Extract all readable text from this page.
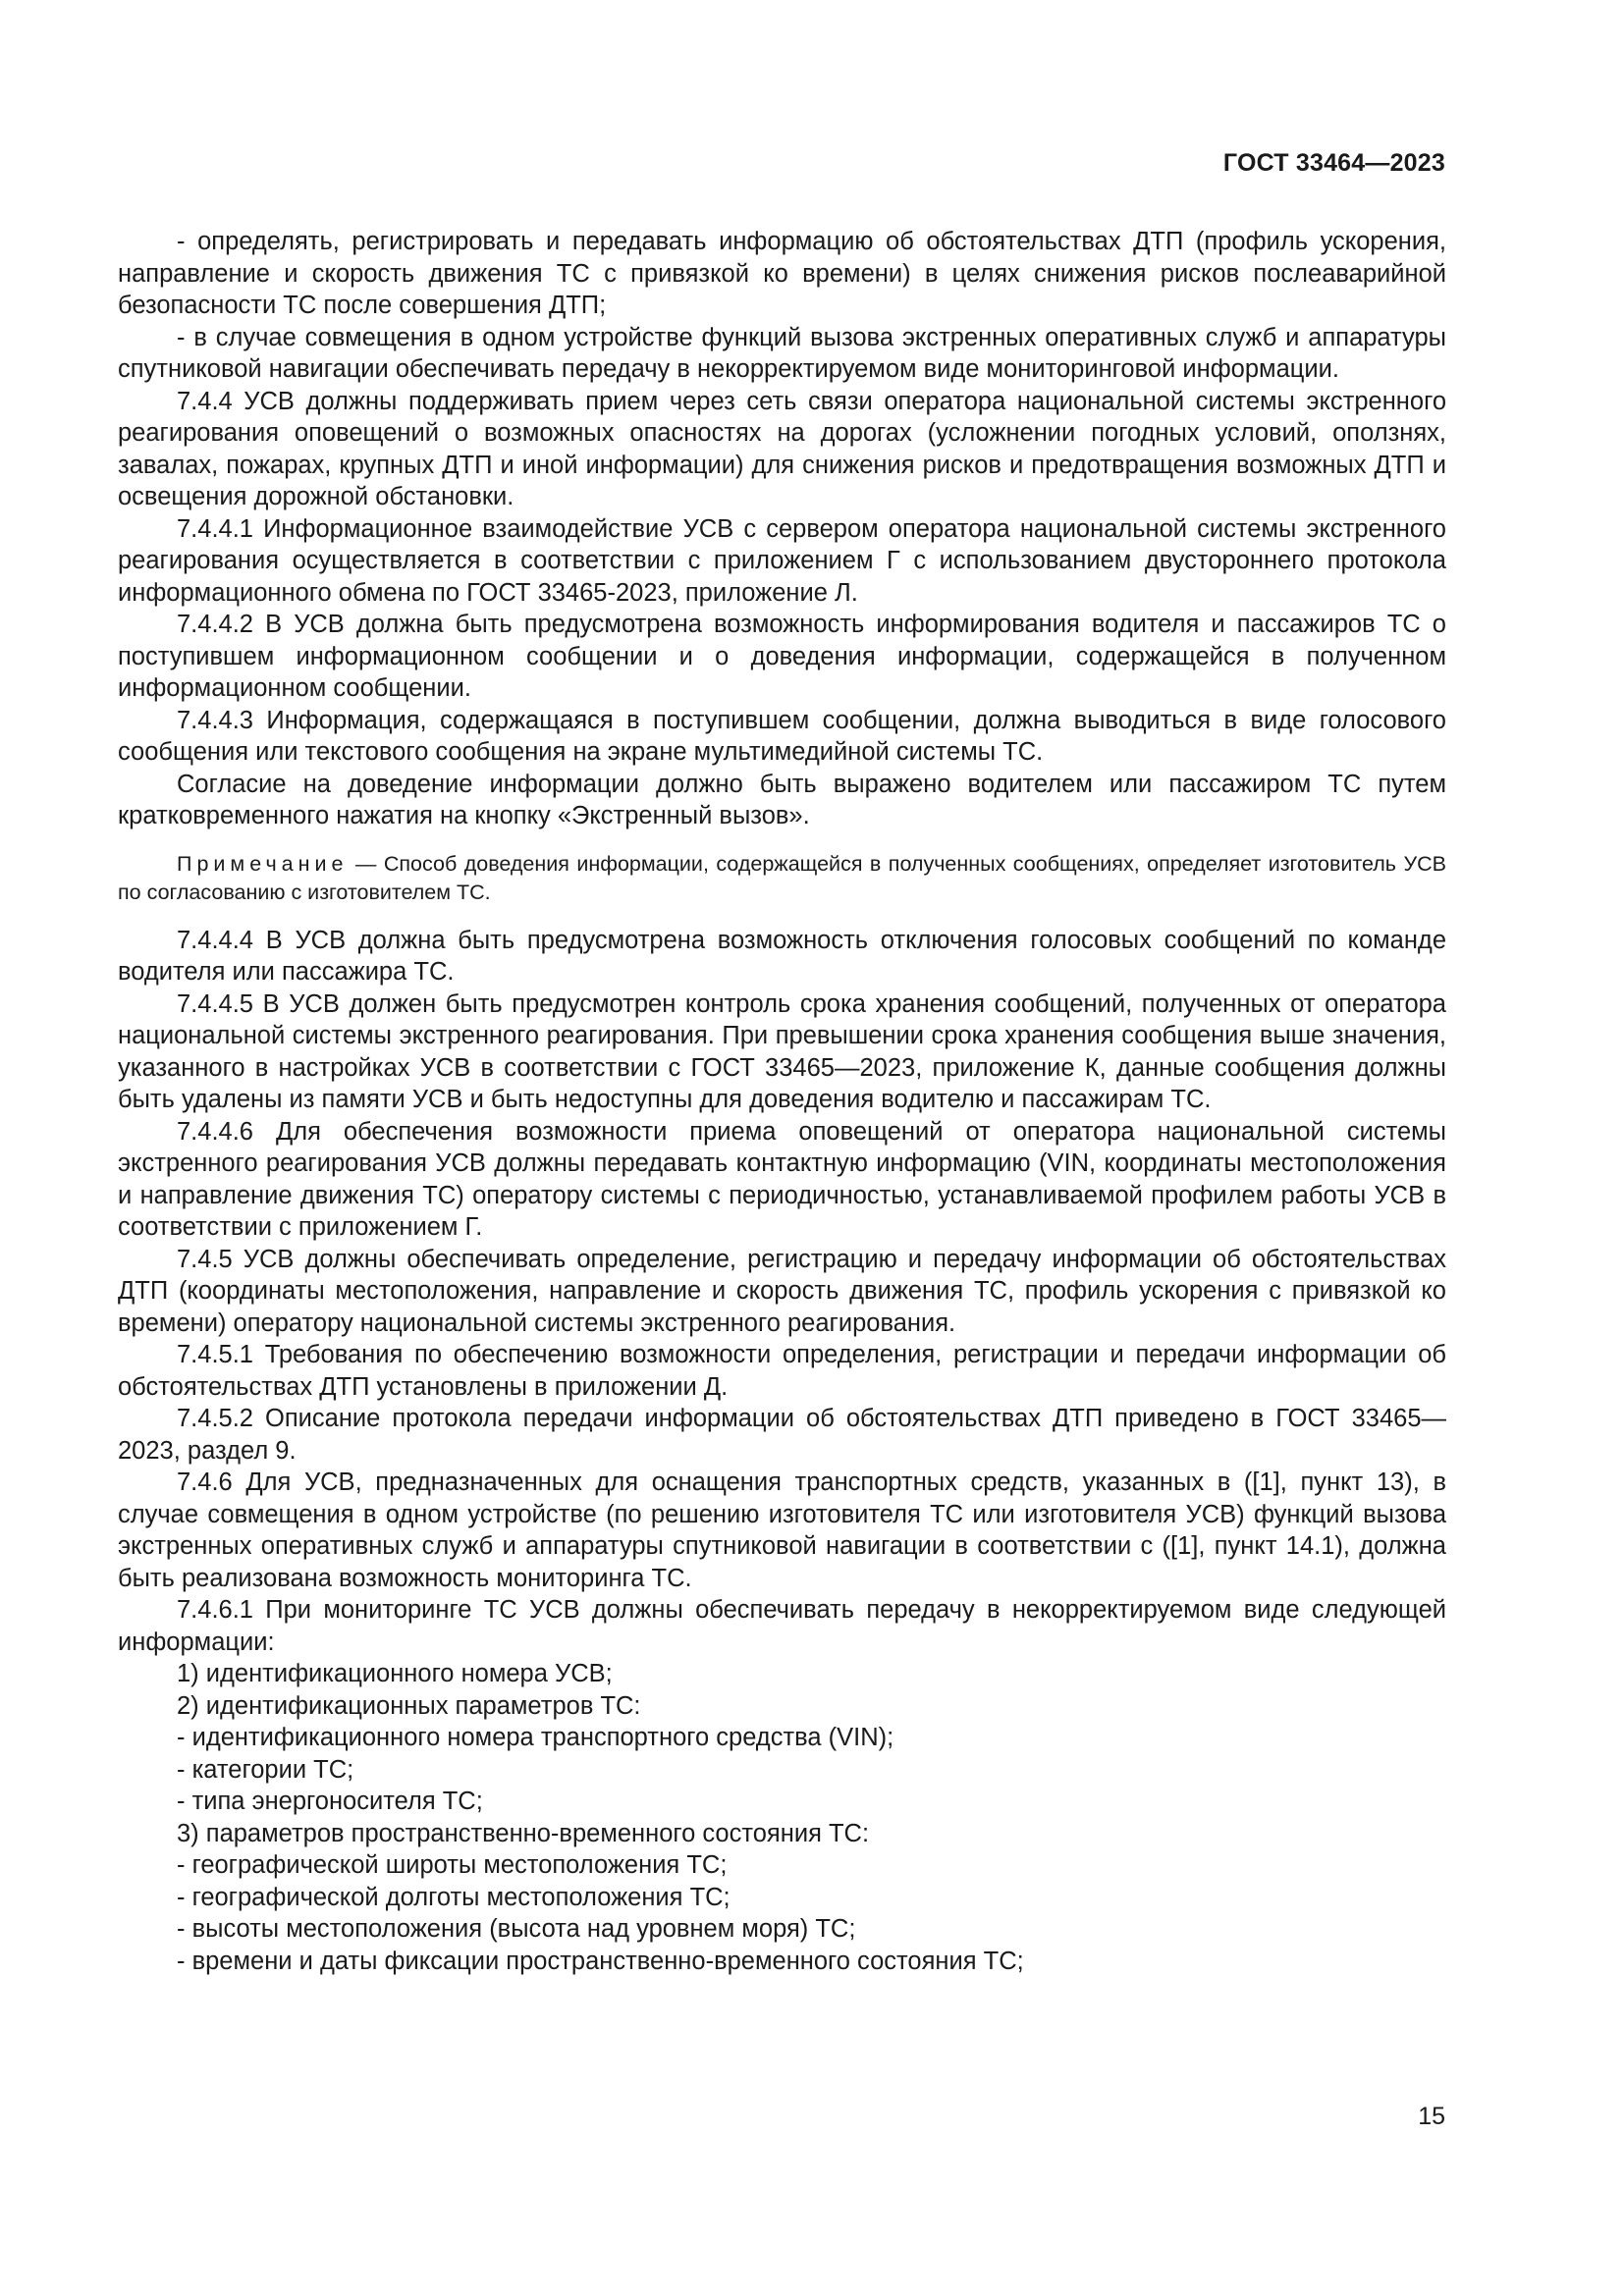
ГОСТ 33464—2023

- определять, регистрировать и передавать информацию об обстоятельствах ДТП (профиль ускорения, направление и скорость движения ТС с привязкой ко времени) в целях снижения рисков послеаварийной безопасности ТС после совершения ДТП;

- в случае совмещения в одном устройстве функций вызова экстренных оперативных служб и аппаратуры спутниковой навигации обеспечивать передачу в некорректируемом виде мониторинговой информации.

7.4.4 УСВ должны поддерживать прием через сеть связи оператора национальной системы экстренного реагирования оповещений о возможных опасностях на дорогах (усложнении погодных условий, оползнях, завалах, пожарах, крупных ДТП и иной информации) для снижения рисков и предотвращения возможных ДТП и освещения дорожной обстановки.

7.4.4.1 Информационное взаимодействие УСВ с сервером оператора национальной системы экстренного реагирования осуществляется в соответствии с приложением Г с использованием двустороннего протокола информационного обмена по ГОСТ 33465-2023, приложение Л.

7.4.4.2 В УСВ должна быть предусмотрена возможность информирования водителя и пассажиров ТС о поступившем информационном сообщении и о доведения информации, содержащейся в полученном информационном сообщении.

7.4.4.3 Информация, содержащаяся в поступившем сообщении, должна выводиться в виде голосового сообщения или текстового сообщения на экране мультимедийной системы ТС.

Согласие на доведение информации должно быть выражено водителем или пассажиром ТС путем кратковременного нажатия на кнопку «Экстренный вызов».

Примечание — Способ доведения информации, содержащейся в полученных сообщениях, определяет изготовитель УСВ по согласованию с изготовителем ТС.

7.4.4.4 В УСВ должна быть предусмотрена возможность отключения голосовых сообщений по команде водителя или пассажира ТС.

7.4.4.5 В УСВ должен быть предусмотрен контроль срока хранения сообщений, полученных от оператора национальной системы экстренного реагирования. При превышении срока хранения сообщения выше значения, указанного в настройках УСВ в соответствии с ГОСТ 33465—2023, приложение К, данные сообщения должны быть удалены из памяти УСВ и быть недоступны для доведения водителю и пассажирам ТС.

7.4.4.6 Для обеспечения возможности приема оповещений от оператора национальной системы экстренного реагирования УСВ должны передавать контактную информацию (VIN, координаты местоположения и направление движения ТС) оператору системы с периодичностью, устанавливаемой профилем работы УСВ в соответствии с приложением Г.

7.4.5 УСВ должны обеспечивать определение, регистрацию и передачу информации об обстоятельствах ДТП (координаты местоположения, направление и скорость движения ТС, профиль ускорения с привязкой ко времени) оператору национальной системы экстренного реагирования.

7.4.5.1 Требования по обеспечению возможности определения, регистрации и передачи информации об обстоятельствах ДТП установлены в приложении Д.

7.4.5.2 Описание протокола передачи информации об обстоятельствах ДТП приведено в ГОСТ 33465—2023, раздел 9.

7.4.6 Для УСВ, предназначенных для оснащения транспортных средств, указанных в ([1], пункт 13), в случае совмещения в одном устройстве (по решению изготовителя ТС или изготовителя УСВ) функций вызова экстренных оперативных служб и аппаратуры спутниковой навигации в соответствии с ([1], пункт 14.1), должна быть реализована возможность мониторинга ТС.

7.4.6.1 При мониторинге ТС УСВ должны обеспечивать передачу в некорректируемом виде следующей информации:

1) идентификационного номера УСВ;

2) идентификационных параметров ТС:

- идентификационного номера транспортного средства (VIN);

- категории ТС;

- типа энергоносителя ТС;

3) параметров пространственно-временного состояния ТС:

- географической широты местоположения ТС;

- географической долготы местоположения ТС;

- высоты местоположения (высота над уровнем моря) ТС;

- времени и даты фиксации пространственно-временного состояния ТС;

15
